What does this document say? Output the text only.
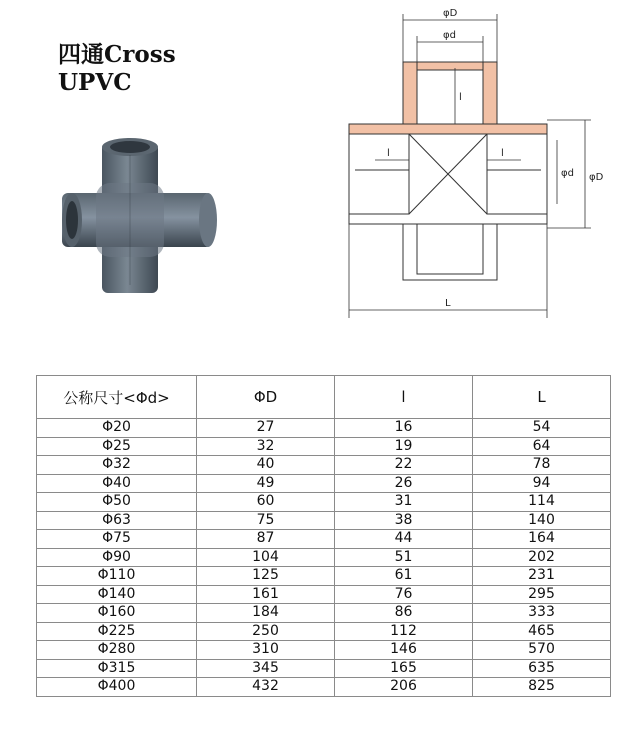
四通Cross
UPVC
φD
φd
l
l	l
φd φD
L
公称尺寸<Φd>	ΦD	l	L
Φ20	27	16	54
Φ25	32	19	64
Φ32	40	22	78
Φ40	49	26	94
Φ50	60	31	114
Φ63	75	38	140
Φ75	87	44	164
Φ90	104	51	202
Φ110	125	61	231
Φ140	161	76	295
Φ160	184	86	333
Φ225	250	112	465
Φ280	310	146	570
Φ315	345	165	635
Φ400	432	206	825
